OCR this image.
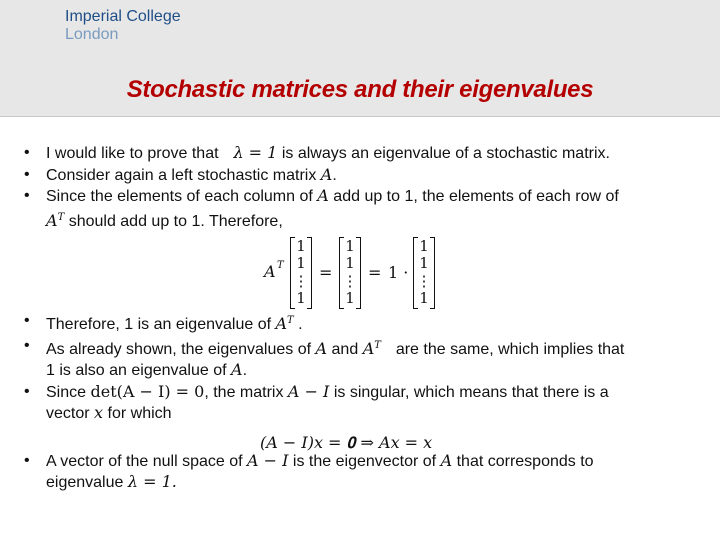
Imperial College
London
Stochastic matrices and their eigenvalues
• I would like to prove that λ = 1 is always an eigenvalue of a stochastic matrix.
• Consider again a left stochastic matrix A.
• Since the elements of each column of A add up to 1, the elements of each row of
$A^T$ should add up to 1. Therefore,
• Therefore, 1 is an eigenvalue of $A^T$ .
• As already shown, the eigenvalues of A and $A^T$ are the same, which implies that
1 is also an eigenvalue of A.
• Since det(A − I) = 0, the matrix A − I is singular, which means that there is a
vector x for which
• A vector of the null space of A − I is the eigenvector of A that corresponds to
eigenvalue λ = 1.
A T
1
1
⋮
1
=
1
1
⋮
1
= 1 ·
1
1
⋮
1
(A − I)x = 𝟎 ⇒ Ax = x
